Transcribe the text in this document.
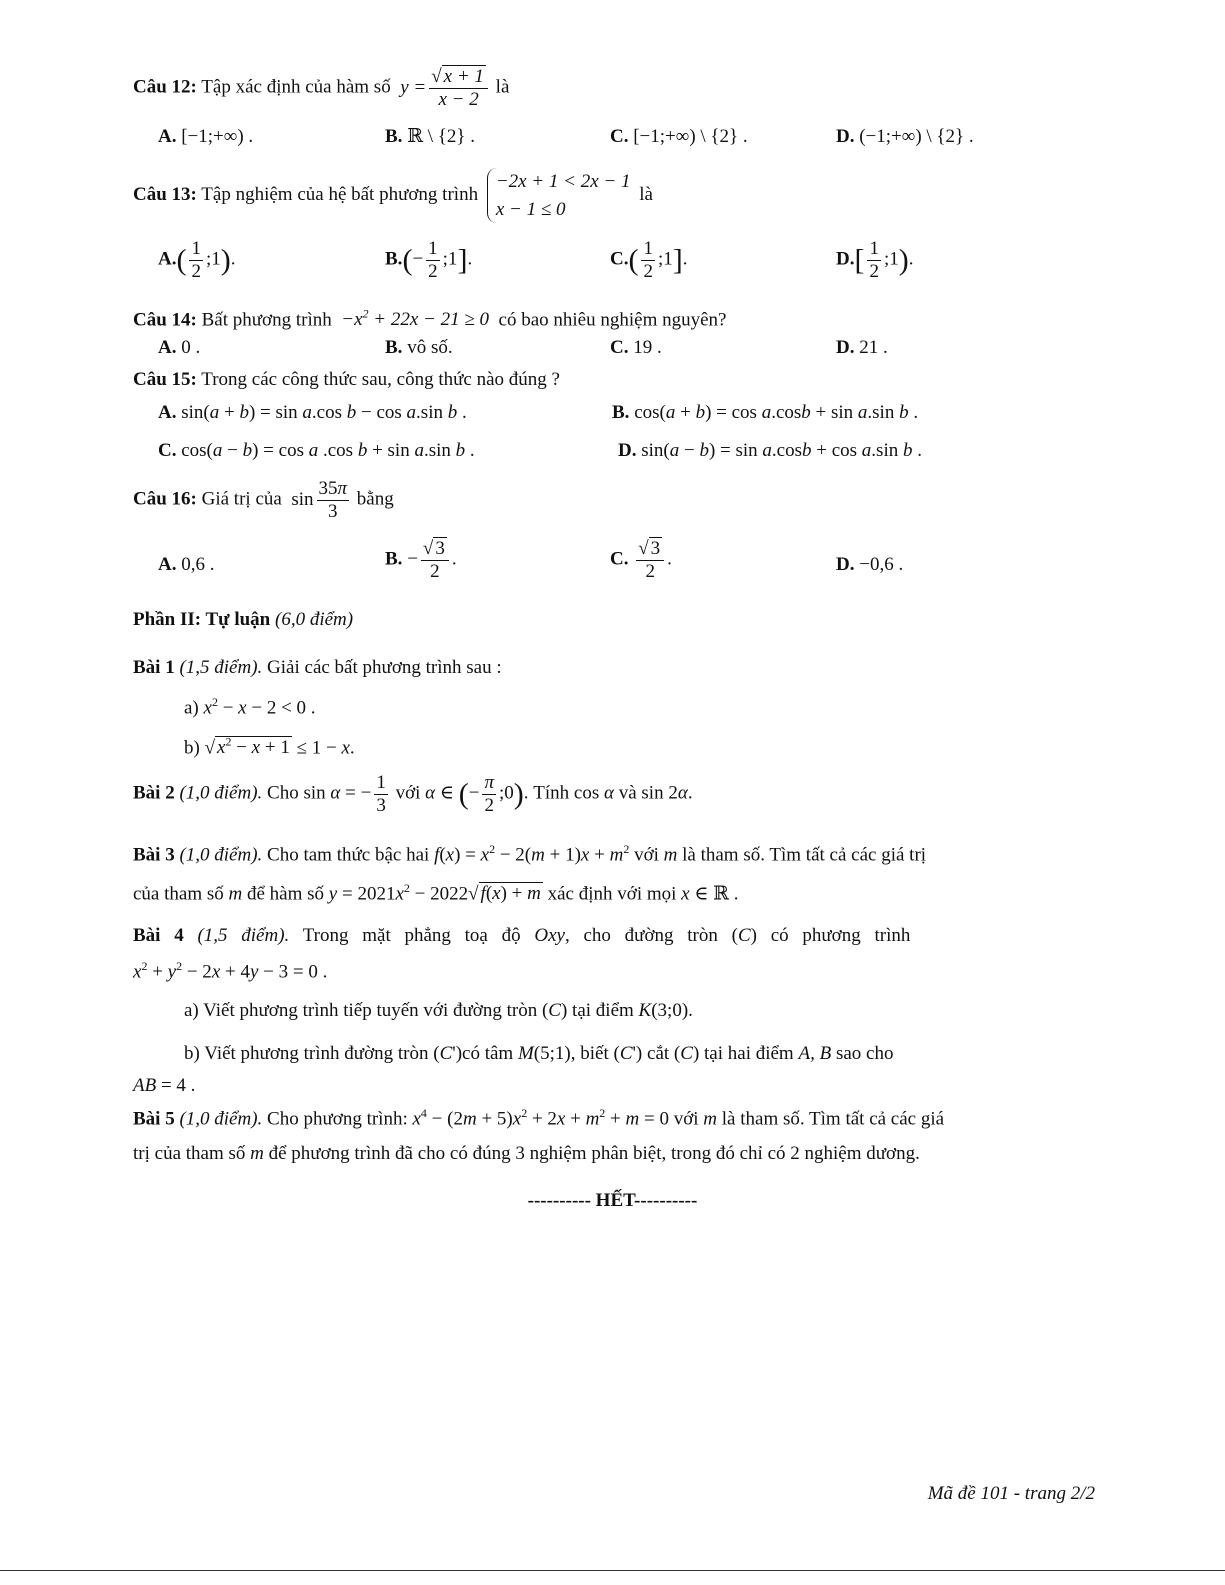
Câu 12: Tập xác định của hàm số  $y = \frac{√ x + 1}{x - 2}$ là
A. [−1;+∞) .	B. ℝ \ {2} .	C. [−1;+∞) \ {2} .	D. (−1;+∞) \ {2} .
Câu 13: Tập nghiệm của hệ bất phương trình
−2x + 1 < 2x − 1
x − 1 ≤ 0
là
$A.( \frac{1}{2}$ ;1).	$B.(- \frac{1}{2}$ ;1].	$C.( \frac{1}{2}$ ;1].	$D.[ \frac{1}{2}$ ;1).
Câu 14: Bất phương trình  $-x^2 + 22x - 21 \ge 0$  có bao nhiêu nghiệm nguyên?
A. 0 .	B. vô số.	C. 19 .	D. 21 .
Câu 15: Trong các công thức sau, công thức nào đúng ?
A. sin(a + b) = sin a.cos b − cos a.sin b .	B. cos(a + b) = cos a.cosb + sin a.sin b .
C. cos(a − b) = cos a .cos b + sin a.sin b .	D. sin(a − b) = sin a.cosb + cos a.sin b .
Câu 16: Giá trị của  $\sin \frac{35\pi}{3}$ bằng
A. 0,6 .	B. − $\frac{√ 3}{2}$ .	C. $\frac{√ 3}{2}$ .	D. −0,6 .
Phần II: Tự luận (6,0 điểm)
Bài 1 (1,5 điểm). Giải các bất phương trình sau :
a) $x^2 - x - 2 < 0$ .
b) √ $x^2 - x + 1 \le 1 - x$.
Bài 2 (1,0 điểm). Cho sin α = − $\frac{1}{3}$ với α ∈ (− $\frac{\pi}{2}$ ;0). Tính cos α và sin 2α.
Bài 3 (1,0 điểm). Cho tam thức bậc hai $f(x) = x^2 - 2(m + 1)x + m^2$ với m là tham số. Tìm tất cả các giá trị
của tham số m để hàm số $y = 2021x^2 - 2022√$ f(x) + m xác định với mọi x ∈ ℝ .
Bài 4 (1,5 điểm). Trong mặt phẳng toạ độ Oxy, cho đường tròn (C) có phương trình
$x^2 + y^2 - 2x + 4y - 3 = 0$ .
a) Viết phương trình tiếp tuyến với đường tròn (C) tại điểm K(3;0).
b) Viết phương trình đường tròn (C')có tâm M(5;1), biết (C') cắt (C) tại hai điểm A, B sao cho
AB = 4 .
Bài 5 (1,0 điểm). Cho phương trình: $x^4 - (2m + 5)x^2 + 2x + m^2 + m = 0$ với m là tham số. Tìm tất cả các giá
trị của tham số m để phương trình đã cho có đúng 3 nghiệm phân biệt, trong đó chỉ có 2 nghiệm dương.
---------- HẾT----------
Mã đề 101 - trang 2/2
